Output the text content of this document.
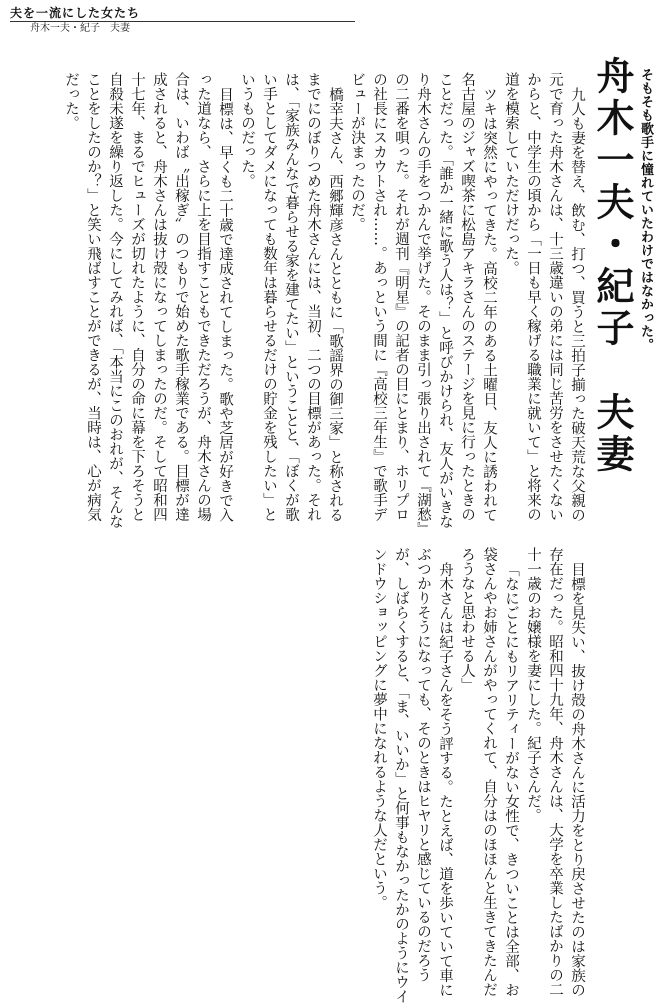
夫を一流にした女たち
舟木一夫・紀子　夫妻
舟木一夫・紀子　夫妻 そもそも歌手に憧れていたわけではなかった。

九人も妻を替え、飲む、打つ、買うと三拍子揃った破天荒な父親の元で育った舟木さんは、十三歳違いの弟には同じ苦労をさせたくないからと、中学生の頃から「一日も早く稼げる職業に就いて」と将来の道を模索していただけだった。

ツキは突然にやってきた。高校二年のある土曜日、友人に誘われて名古屋のジャズ喫茶に松島アキラさんのステージを見に行ったときのことだった。「誰か一緒に歌う人は？」と呼びかけられ、友人がいきなり舟木さんの手をつかんで挙げた。そのまま引っ張り出されて『湖愁』の二番を唄った。それが週刊『明星』の記者の目にとまり、ホリプロの社長にスカウトされ……。あっという間に『高校三年生』で歌手デビューが決まったのだ。

橋幸夫さん、西郷輝彦さんとともに「歌謡界の御三家」と称されるまでにのぼりつめた舟木さんには、当初、二つの目標があった。それは、「家族みんなで暮らせる家を建てたい」ということと、「ぼくが歌い手としてダメになっても数年は暮らせるだけの貯金を残したい」というものだった。

目標は、早くも二十歳で達成されてしまった。歌や芝居が好きで入った道なら、さらに上を目指すこともできただろうが、舟木さんの場合は、いわば〝出稼ぎ〟のつもりで始めた歌手稼業である。目標が達成されると、舟木さんは抜け殻になってしまったのだ。そして昭和四十七年、まるでヒューズが切れたように、自分の命に幕を下ろそうと自殺未遂を繰り返した。今にしてみれば、「本当にこのおれが、そんなことをしたのか？」と笑い飛ばすことができるが、当時は、心が病気だった。

目標を見失い、抜け殻の舟木さんに活力をとり戻させたのは家族の存在だった。昭和四十九年、舟木さんは、大学を卒業したばかりの二十一歳のお嬢様を妻にした。紀子さんだ。

「なにごとにもリアリティーがない女性で、きついことは全部、お袋さんやお姉さんがやってくれて、自分はのほほんと生きてきたんだろうなと思わせる人」

舟木さんは紀子さんをそう評する。たとえば、道を歩いていて車にぶつかりそうになっても、そのときはヒヤリと感じているのだろうが、しばらくすると、「ま、いいか」と何事もなかったかのようにウインドウショッピングに夢中になれるような人だという。
